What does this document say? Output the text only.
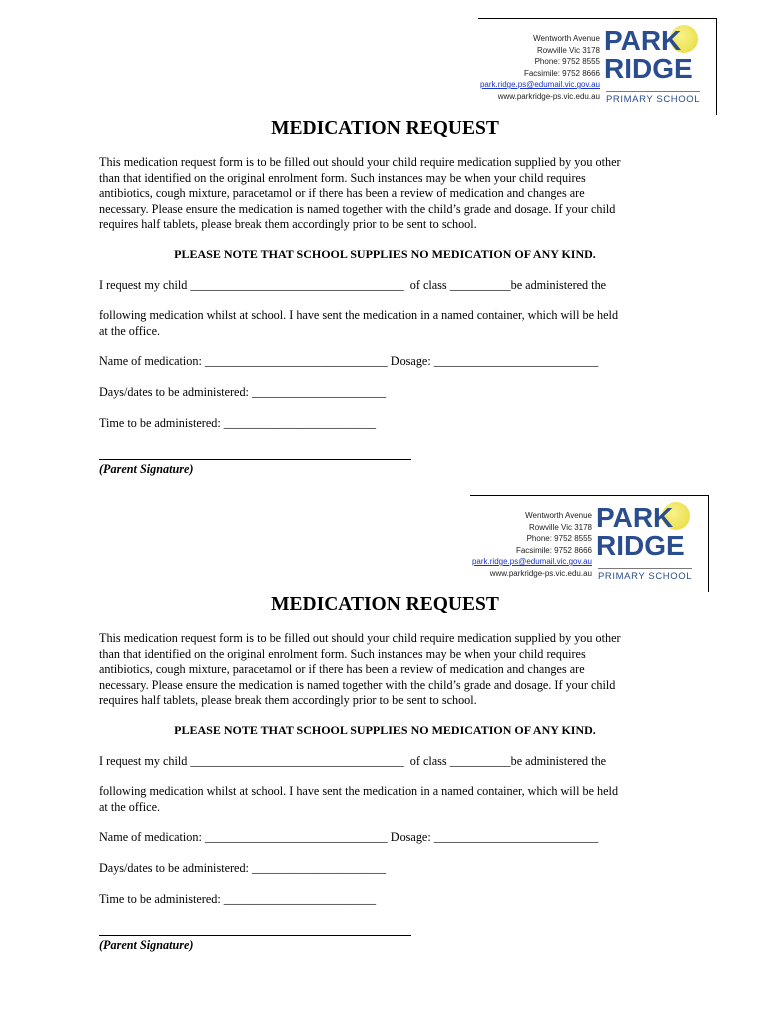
Wentworth Avenue
Rowville Vic 3178
Phone: 9752 8555
Facsimile: 9752 8666
park.ridge.ps@edumail.vic.gov.au
www.parkridge-ps.vic.edu.au
PARK
RIDGE
PRIMARY SCHOOL
MEDICATION REQUEST
This medication request form is to be filled out should your child require medication supplied by you other
than that identified on the original enrolment form. Such instances may be when your child requires
antibiotics, cough mixture, paracetamol or if there has been a review of medication and changes are
necessary. Please ensure the medication is named together with the child’s grade and dosage. If your child
requires half tablets, please break them accordingly prior to be sent to school.
PLEASE NOTE THAT SCHOOL SUPPLIES NO MEDICATION OF ANY KIND.
I request my child ___________________________________  of class __________be administered the
following medication whilst at school. I have sent the medication in a named container, which will be held
at the office.
Name of medication: ______________________________ Dosage: ___________________________
Days/dates to be administered: ______________________
Time to be administered: _________________________
(Parent Signature)
Wentworth Avenue
Rowville Vic 3178
Phone: 9752 8555
Facsimile: 9752 8666
park.ridge.ps@edumail.vic.gov.au
www.parkridge-ps.vic.edu.au
PARK
RIDGE
PRIMARY SCHOOL
MEDICATION REQUEST
This medication request form is to be filled out should your child require medication supplied by you other
than that identified on the original enrolment form. Such instances may be when your child requires
antibiotics, cough mixture, paracetamol or if there has been a review of medication and changes are
necessary. Please ensure the medication is named together with the child’s grade and dosage. If your child
requires half tablets, please break them accordingly prior to be sent to school.
PLEASE NOTE THAT SCHOOL SUPPLIES NO MEDICATION OF ANY KIND.
I request my child ___________________________________  of class __________be administered the
following medication whilst at school. I have sent the medication in a named container, which will be held
at the office.
Name of medication: ______________________________ Dosage: ___________________________
Days/dates to be administered: ______________________
Time to be administered: _________________________
(Parent Signature)
